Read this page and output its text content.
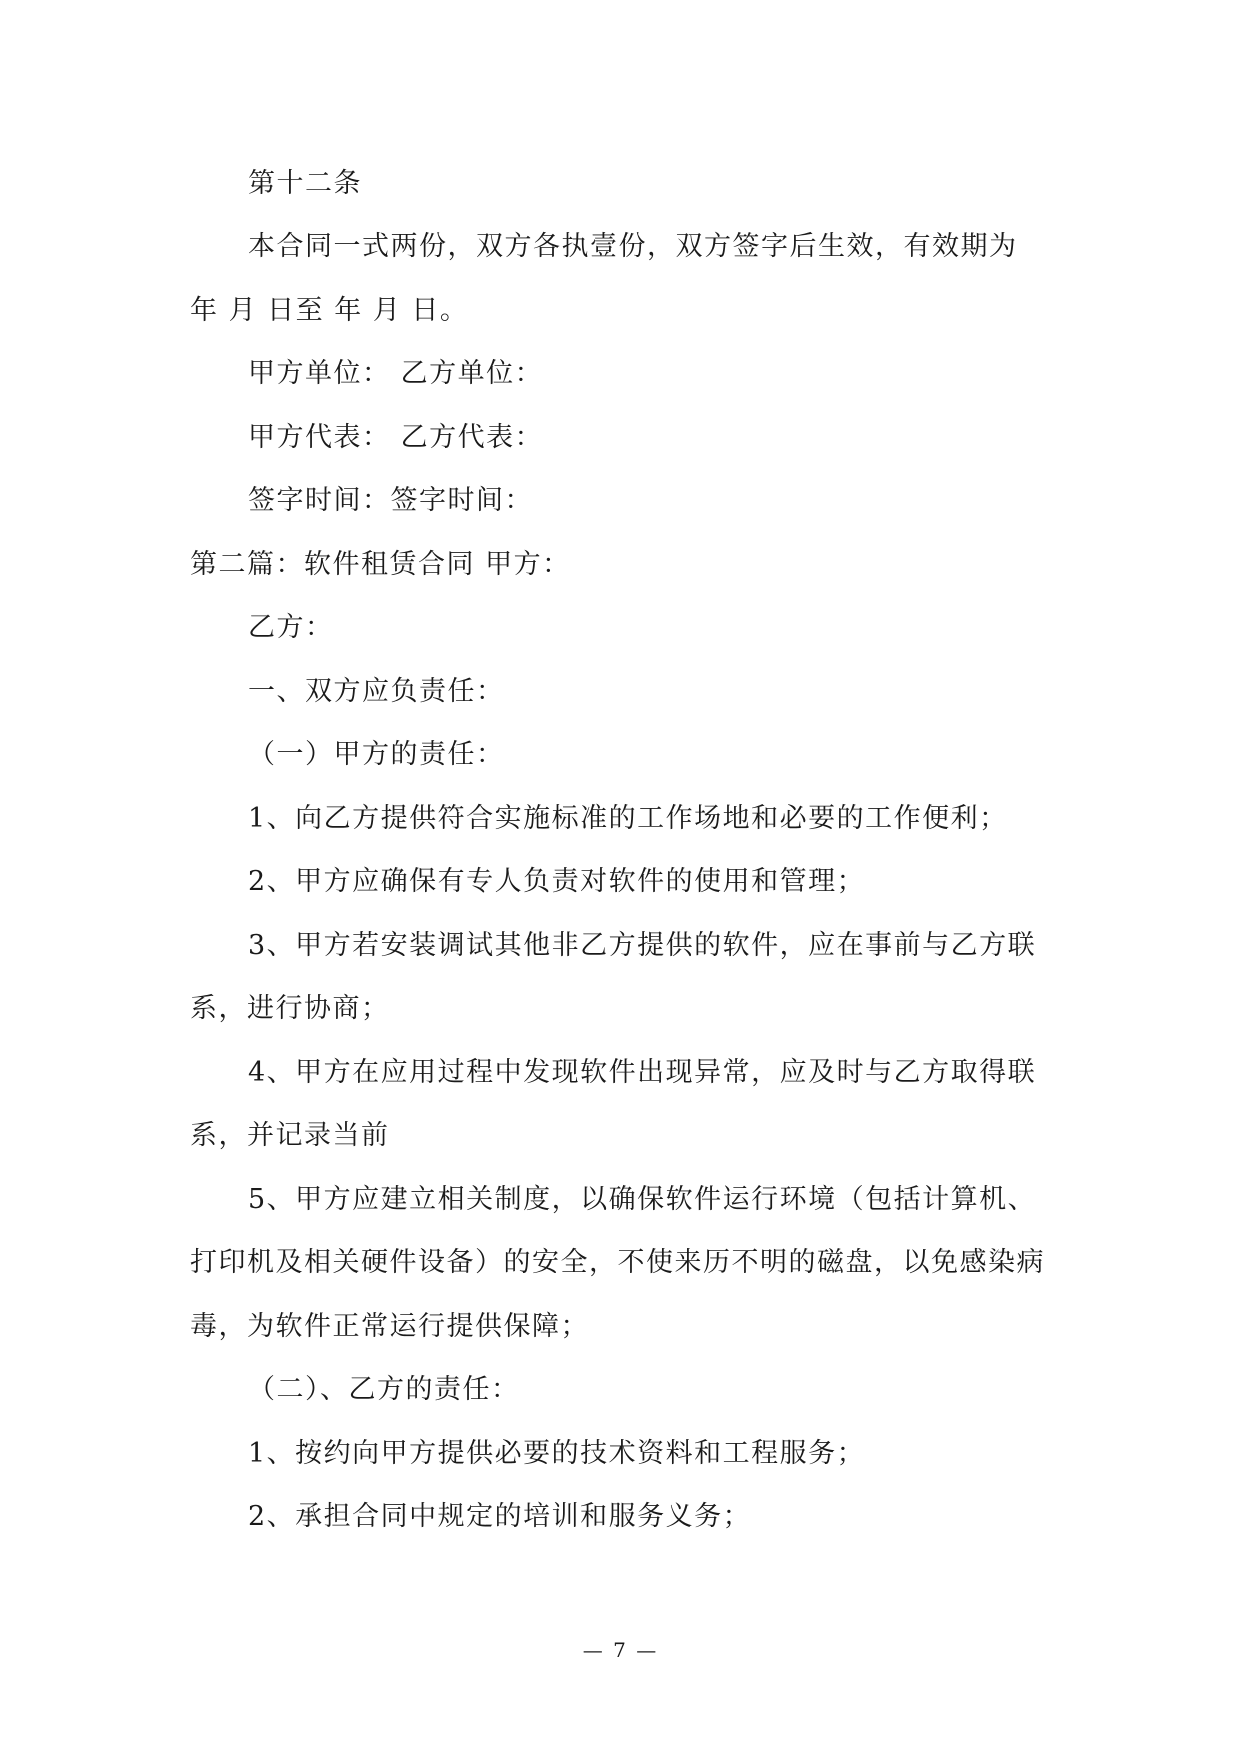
第十二条
本合同一式两份，双方各执壹份，双方签字后生效，有效期为
年 月 日至 年 月 日。
甲方单位： 乙方单位：
甲方代表： 乙方代表：
签字时间：签字时间：
第二篇：软件租赁合同 甲方：
乙方：
一、双方应负责任：
（一）甲方的责任：
1、向乙方提供符合实施标准的工作场地和必要的工作便利；
2、甲方应确保有专人负责对软件的使用和管理；
3、甲方若安装调试其他非乙方提供的软件，应在事前与乙方联
系，进行协商；
4、甲方在应用过程中发现软件出现异常，应及时与乙方取得联
系，并记录当前
5、甲方应建立相关制度，以确保软件运行环境（包括计算机、
打印机及相关硬件设备）的安全，不使来历不明的磁盘，以免感染病
毒，为软件正常运行提供保障；
（二）、乙方的责任：
1、按约向甲方提供必要的技术资料和工程服务；
2、承担合同中规定的培训和服务义务；
— 7 —
